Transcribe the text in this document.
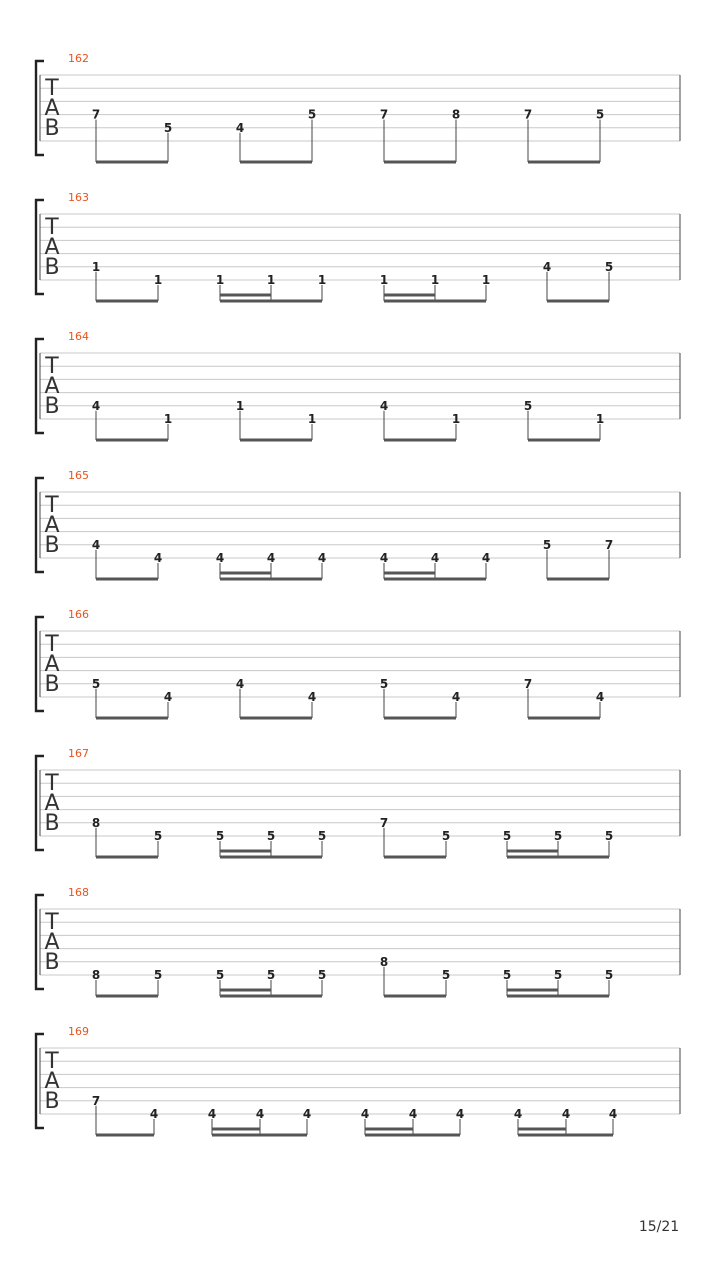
T
A
B
162
7
5	4
5	7	8	7	5
T
A
B
163
1
1	1	1	1	1	1	1
4	5
T
A
B
164
4
1
1
1
4
1
5
1
T
A
B
165
4
4	4	4	4	4	4	4
5	7
T
A
B
166
5
4
4
4
5
4
7
4
T
A
B
167
8
5	5	5	5
7
5	5	5	5
T
A
B
168
8	5	5	5	5
8
5	5	5	5
T
A
B
169
7
4	4	4	4	4	4	4	4	4	4
15/21
